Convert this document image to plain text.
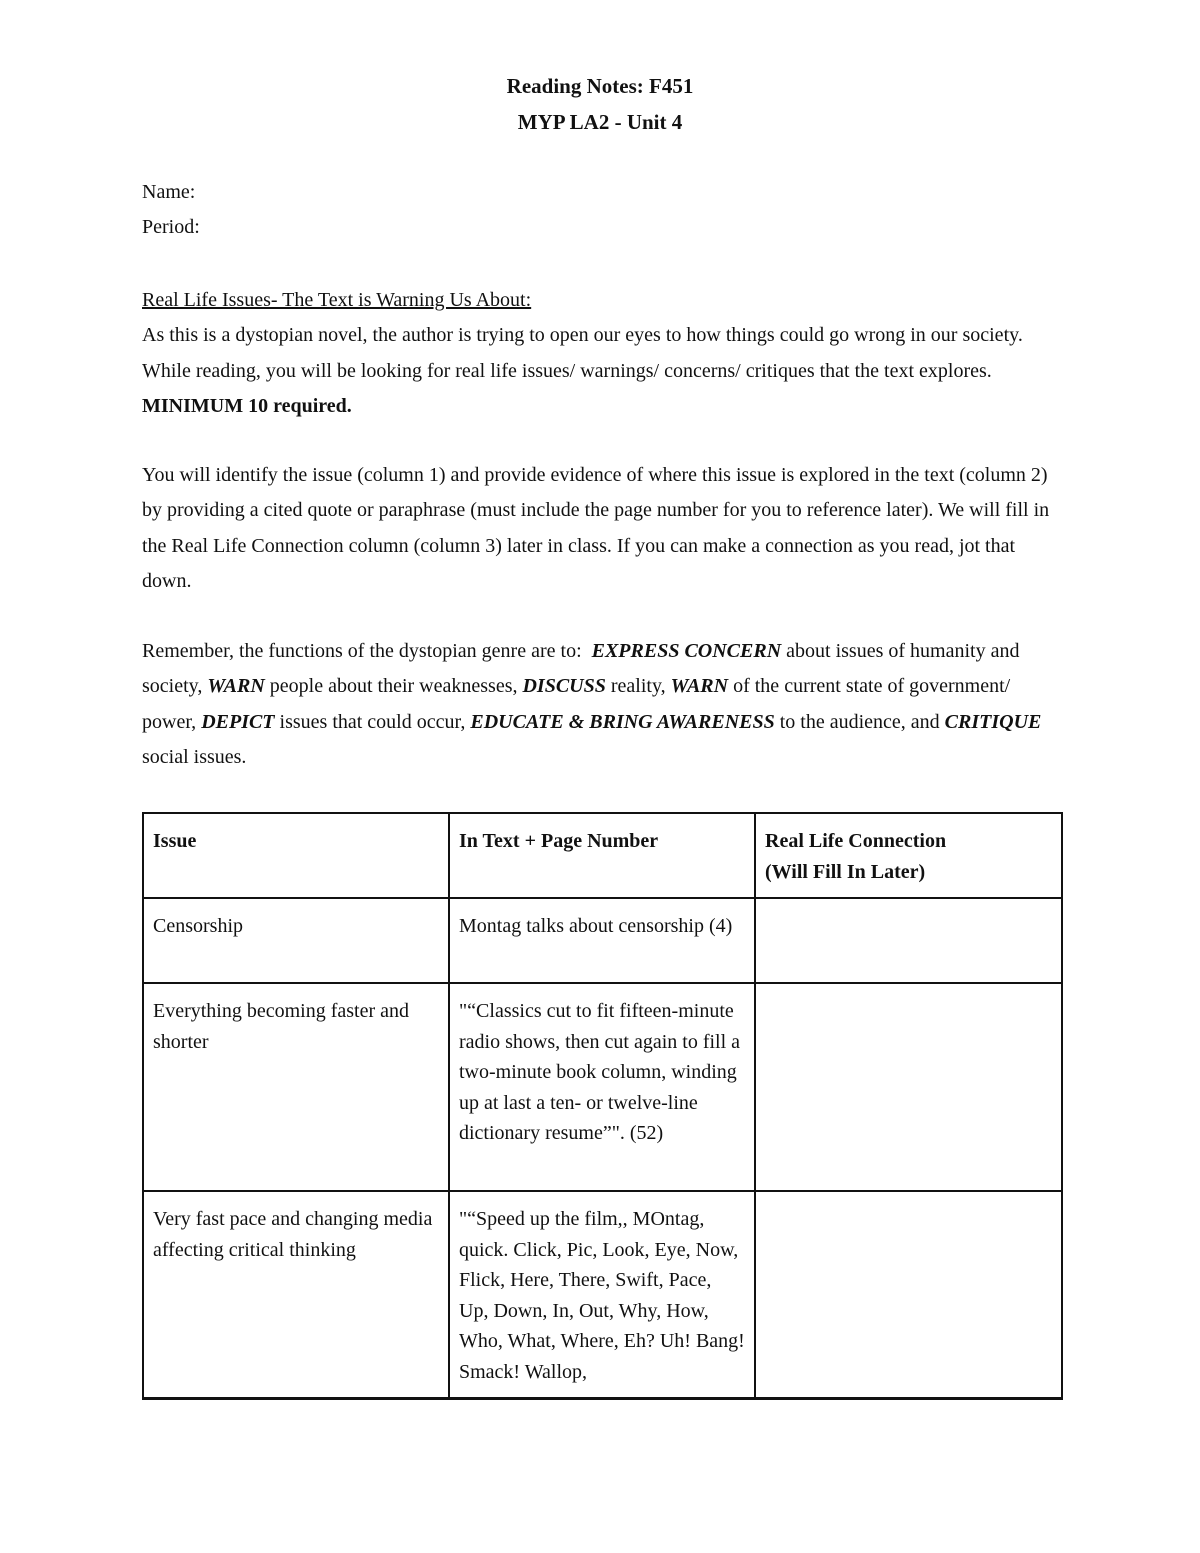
Reading Notes: F451
MYP LA2 - Unit 4
Name:
Period:

Real Life Issues- The Text is Warning Us About:
As this is a dystopian novel, the author is trying to open our eyes to how things could go wrong in our society. While reading, you will be looking for real life issues/ warnings/ concerns/ critiques that the text explores. MINIMUM 10 required.

You will identify the issue (column 1) and provide evidence of where this issue is explored in the text (column 2) by providing a cited quote or paraphrase (must include the page number for you to reference later). We will fill in the Real Life Connection column (column 3) later in class. If you can make a connection as you read, jot that down.

Remember, the functions of the dystopian genre are to: EXPRESS CONCERN about issues of humanity and society, WARN people about their weaknesses, DISCUSS reality, WARN of the current state of government/ power, DEPICT issues that could occur, EDUCATE & BRING AWARENESS to the audience, and CRITIQUE social issues.

Issue	In Text + Page Number	Real Life Connection
(Will Fill In Later)
Censorship	Montag talks about censorship (4)	
Everything becoming faster and shorter	"“Classics cut to fit fifteen-minute radio shows, then cut again to fill a two-minute book column, winding up at last a ten- or twelve-line dictionary resume”". (52)	
Very fast pace and changing media affecting critical thinking	"“Speed up the film,, MOntag, quick. Click, Pic, Look, Eye, Now, Flick, Here, There, Swift, Pace, Up, Down, In, Out, Why, How, Who, What, Where, Eh? Uh! Bang! Smack! Wallop,	
